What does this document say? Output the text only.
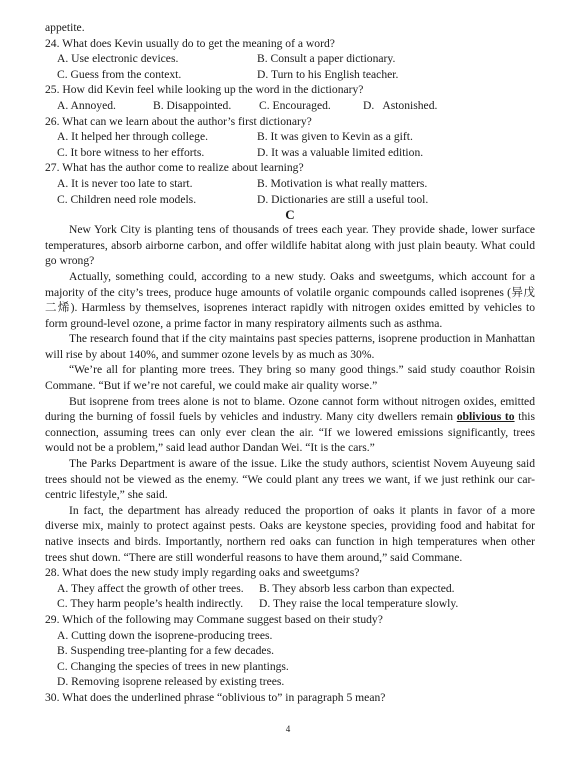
appetite.
24. What does Kevin usually do to get the meaning of a word?
A. Use electronic devices.	B. Consult a paper dictionary.
C. Guess from the context.	D. Turn to his English teacher.
25. How did Kevin feel while looking up the word in the dictionary?
A. Annoyed.	B. Disappointed.	C. Encouraged.	D.   Astonished.
26. What can we learn about the author’s first dictionary?
A. It helped her through college.	B. It was given to Kevin as a gift.
C. It bore witness to her efforts.	D. It was a valuable limited edition.
27. What has the author come to realize about learning?
A. It is never too late to start.	B. Motivation is what really matters.
C. Children need role models.	D. Dictionaries are still a useful tool.
C

New York City is planting tens of thousands of trees each year. They provide shade, lower surface temperatures, absorb airborne carbon, and offer wildlife habitat along with just plain beauty. What could go wrong?

Actually, something could, according to a new study. Oaks and sweetgums, which account for a majority of the city’s trees, produce huge amounts of volatile organic compounds called isoprenes (异戊二烯). Harmless by themselves, isoprenes interact rapidly with nitrogen oxides emitted by vehicles to form ground-level ozone, a prime factor in many respiratory ailments such as asthma.

The research found that if the city maintains past species patterns, isoprene production in Manhattan will rise by about 140%, and summer ozone levels by as much as 30%.

“We’re all for planting more trees. They bring so many good things.” said study coauthor Roisin Commane. “But if we’re not careful, we could make air quality worse.”

But isoprene from trees alone is not to blame. Ozone cannot form without nitrogen oxides, emitted during the burning of fossil fuels by vehicles and industry. Many city dwellers remain oblivious to this connection, assuming trees can only ever clean the air. “If we lowered emissions significantly, trees would not be a problem,” said lead author Dandan Wei. “It is the cars.”

The Parks Department is aware of the issue. Like the study authors, scientist Novem Auyeung said trees should not be viewed as the enemy. “We could plant any trees we want, if we just rethink our car-centric lifestyle,” she said.

In fact, the department has already reduced the proportion of oaks it plants in favor of a more diverse mix, mainly to protect against pests. Oaks are keystone species, providing food and habitat for native insects and birds. Importantly, northern red oaks can function in high temperatures when other trees shut down. “There are still wonderful reasons to have them around,” said Commane.

28. What does the new study imply regarding oaks and sweetgums?
A. They affect the growth of other trees.	B. They absorb less carbon than expected.
C. They harm people’s health indirectly.	D. They raise the local temperature slowly.
29. Which of the following may Commane suggest based on their study?
A. Cutting down the isoprene-producing trees.
B. Suspending tree-planting for a few decades.
C. Changing the species of trees in new plantings.
D. Removing isoprene released by existing trees.
30. What does the underlined phrase “oblivious to” in paragraph 5 mean?
4
